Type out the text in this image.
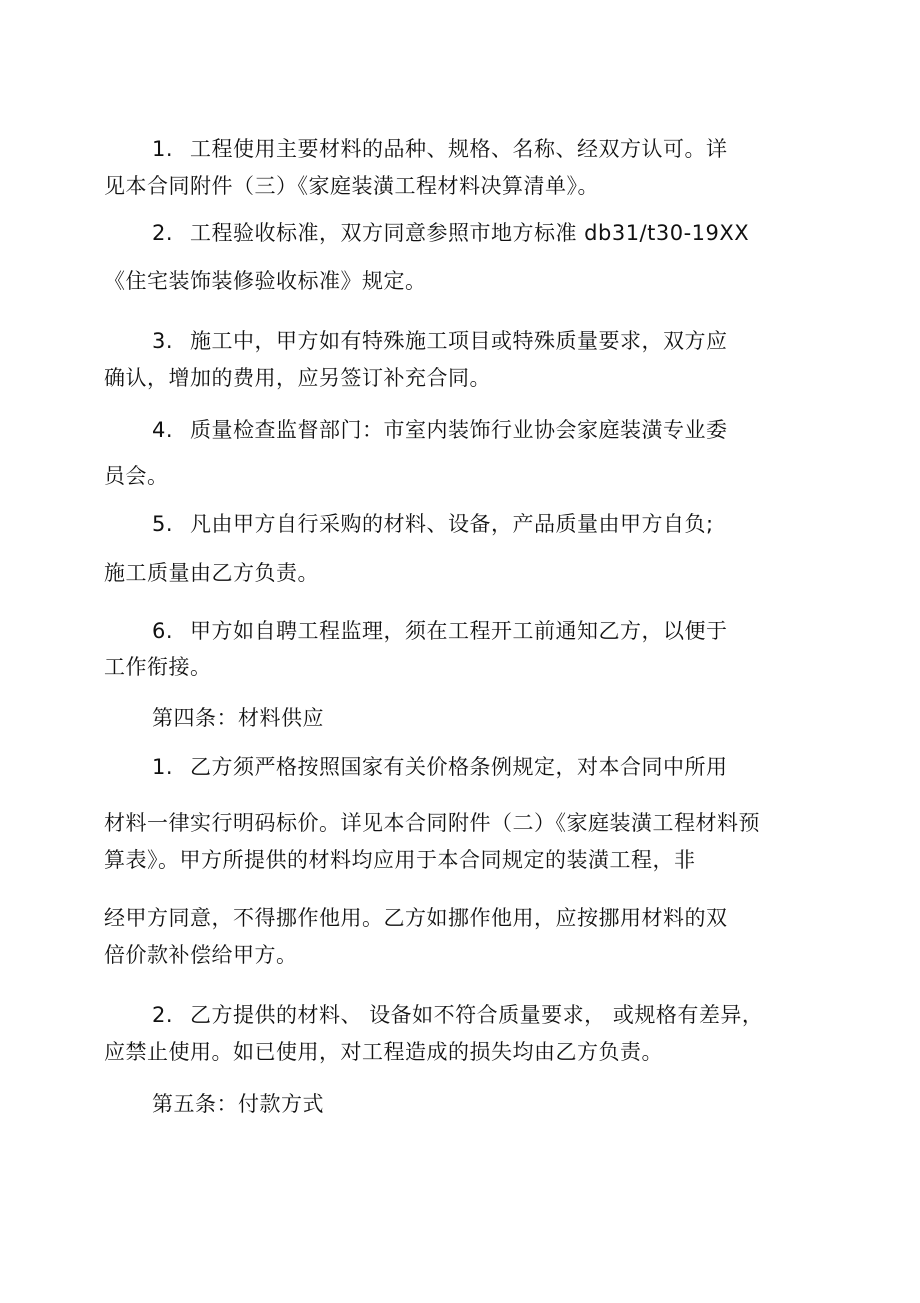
1. 工程使用主要材料的品种、规格、名称、经双方认可。详
见本合同附件（三）《家庭装潢工程材料决算清单》。
2. 工程验收标准，双方同意参照市地方标准 db31/t30-19XX
《住宅装饰装修验收标准》规定。
3. 施工中，甲方如有特殊施工项目或特殊质量要求，双方应
确认，增加的费用，应另签订补充合同。
4. 质量检查监督部门：市室内装饰行业协会家庭装潢专业委
员会。
5. 凡由甲方自行采购的材料、设备，产品质量由甲方自负;
施工质量由乙方负责。
6. 甲方如自聘工程监理，须在工程开工前通知乙方，以便于
工作衔接。
第四条：材料供应
1. 乙方须严格按照国家有关价格条例规定，对本合同中所用
材料一律实行明码标价。详见本合同附件（二）《家庭装潢工程材料预
算表》。甲方所提供的材料均应用于本合同规定的装潢工程，非
经甲方同意，不得挪作他用。乙方如挪作他用，应按挪用材料的双
倍价款补偿给甲方。
2. 乙方提供的材料、 设备如不符合质量要求， 或规格有差异，
应禁止使用。如已使用，对工程造成的损失均由乙方负责。
第五条：付款方式
